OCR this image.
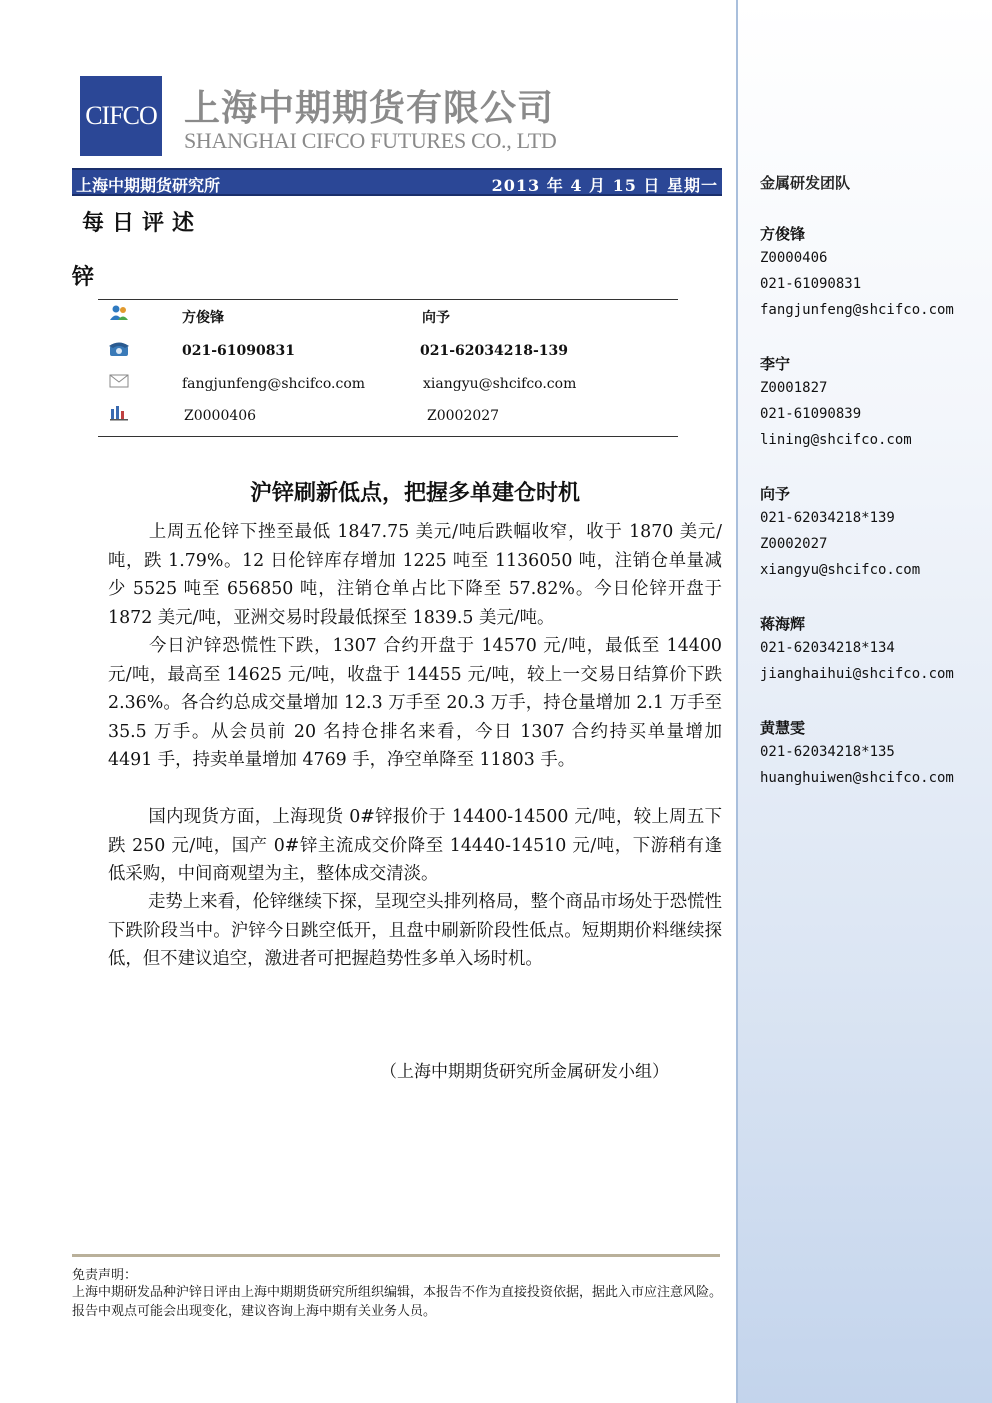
CIFCO 上海中期期货有限公司
SHANGHAI CIFCO FUTURES CO., LTD
上海中期期货研究所	2013 年 4 月 15 日 星期一
每日评述
锌
方俊锋	向予
021-61090831	021-62034218-139
fangjunfeng@shcifco.com	xiangyu@shcifco.com
Z0000406	Z0002027
沪锌刷新低点，把握多单建仓时机
上周五伦锌下挫至最低 1847.75 美元/吨后跌幅收窄，收于 1870 美元/吨，跌 1.79%。12 日伦锌库存增加 1225 吨至 1136050 吨，注销仓单量减少 5525 吨至 656850 吨，注销仓单占比下降至 57.82%。今日伦锌开盘于 1872 美元/吨，亚洲交易时段最低探至 1839.5 美元/吨。
今日沪锌恐慌性下跌，1307 合约开盘于 14570 元/吨，最低至 14400 元/吨，最高至 14625 元/吨，收盘于 14455 元/吨，较上一交易日结算价下跌 2.36%。各合约总成交量增加 12.3 万手至 20.3 万手，持仓量增加 2.1 万手至 35.5 万手。从会员前 20 名持仓排名来看，今日 1307 合约持买单量增加 4491 手，持卖单量增加 4769 手，净空单降至 11803 手。
国内现货方面，上海现货 0#锌报价于 14400-14500 元/吨，较上周五下跌 250 元/吨，国产 0#锌主流成交价降至 14440-14510 元/吨，下游稍有逢低采购，中间商观望为主，整体成交清淡。
走势上来看，伦锌继续下探，呈现空头排列格局，整个商品市场处于恐慌性下跌阶段当中。沪锌今日跳空低开，且盘中刷新阶段性低点。短期期价料继续探低，但不建议追空，激进者可把握趋势性多单入场时机。
（上海中期期货研究所金属研发小组）
免责声明：
上海中期研发品种沪锌日评由上海中期期货研究所组织编辑，本报告不作为直接投资依据，据此入市应注意风险。报告中观点可能会出现变化，建议咨询上海中期有关业务人员。
金属研发团队
方俊锋
Z0000406
021-61090831
fangjunfeng@shcifco.com
李宁
Z0001827
021-61090839
lining@shcifco.com
向予
021-62034218*139
Z0002027
xiangyu@shcifco.com
蒋海辉
021-62034218*134
jianghaihui@shcifco.com
黄慧雯
021-62034218*135
huanghuiwen@shcifco.com
